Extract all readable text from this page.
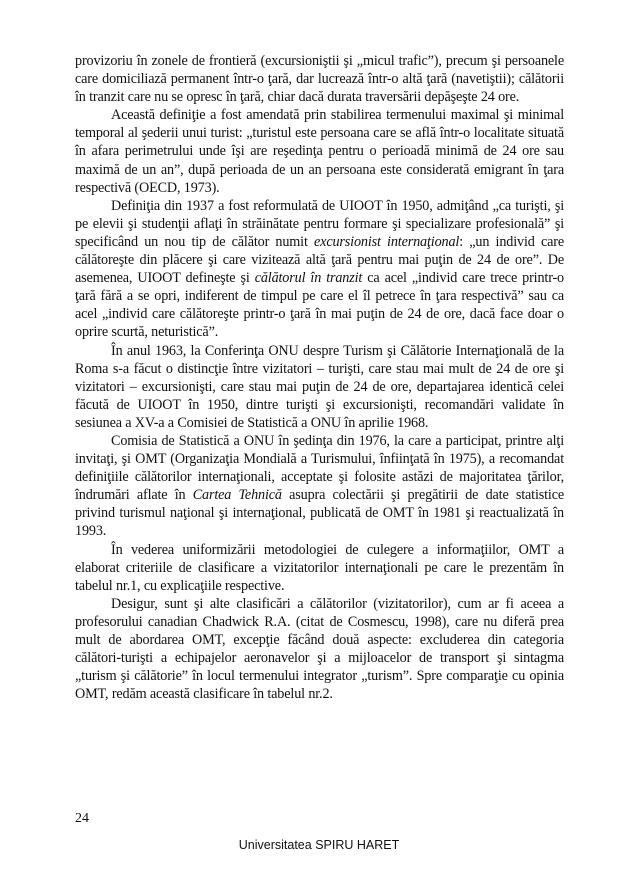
provizoriu în zonele de frontieră (excursioniştii şi „micul trafic”), precum şi persoanele care domiciliază permanent într-o ţară, dar lucrează într-o altă ţară (navetiştii); călătorii în tranzit care nu se opresc în ţară, chiar dacă durata traversării depăşeşte 24 ore.

Această definiţie a fost amendată prin stabilirea termenului maximal şi minimal temporal al şederii unui turist: „turistul este persoana care se află într-o localitate situată în afara perimetrului unde îşi are reşedinţa pentru o perioadă minimă de 24 ore sau maximă de un an”, după perioada de un an persoana este considerată emigrant în ţara respectivă (OECD, 1973).

Definiţia din 1937 a fost reformulată de UIOOT în 1950, admiţând „ca turişti, şi pe elevii şi studenţii aflaţi în străinătate pentru formare şi specializare profesională” şi specificând un nou tip de călător numit excursionist internaţional: „un individ care călătoreşte din plăcere şi care vizitează altă ţară pentru mai puţin de 24 de ore”. De asemenea, UIOOT defineşte şi călătorul în tranzit ca acel „individ care trece printr-o ţară fără a se opri, indiferent de timpul pe care el îl petrece în ţara respectivă” sau ca acel „individ care călătoreşte printr-o ţară în mai puţin de 24 de ore, dacă face doar o oprire scurtă, neturistică”.

În anul 1963, la Conferinţa ONU despre Turism şi Călătorie Internaţională de la Roma s-a făcut o distincţie între vizitatori – turişti, care stau mai mult de 24 de ore şi vizitatori – excursionişti, care stau mai puţin de 24 de ore, departajarea identică celei făcută de UIOOT în 1950, dintre turişti şi excursionişti, recomandări validate în sesiunea a XV-a a Comisiei de Statistică a ONU în aprilie 1968.

Comisia de Statistică a ONU în şedinţa din 1976, la care a participat, printre alţi invitaţi, şi OMT (Organizaţia Mondială a Turismului, înfiinţată în 1975), a recomandat definiţiile călătorilor internaţionali, acceptate şi folosite astăzi de majoritatea ţărilor, îndrumări aflate în Cartea Tehnică asupra colectării şi pregătirii de date statistice privind turismul naţional şi internaţional, publicată de OMT în 1981 şi reactualizată în 1993.

În vederea uniformizării metodologiei de culegere a informaţiilor, OMT a elaborat criteriile de clasificare a vizitatorilor internaţionali pe care le prezentăm în tabelul nr.1, cu explicaţiile respective.

Desigur, sunt şi alte clasificări a călătorilor (vizitatorilor), cum ar fi aceea a profesorului canadian Chadwick R.A. (citat de Cosmescu, 1998), care nu diferă prea mult de abordarea OMT, excepţie făcând două aspecte: excluderea din categoria călători-turişti a echipajelor aeronavelor şi a mijloacelor de transport şi sintagma „turism şi călătorie” în locul termenului integrator „turism”. Spre comparaţie cu opinia OMT, redăm această clasificare în tabelul nr.2.

24
Universitatea SPIRU HARET
